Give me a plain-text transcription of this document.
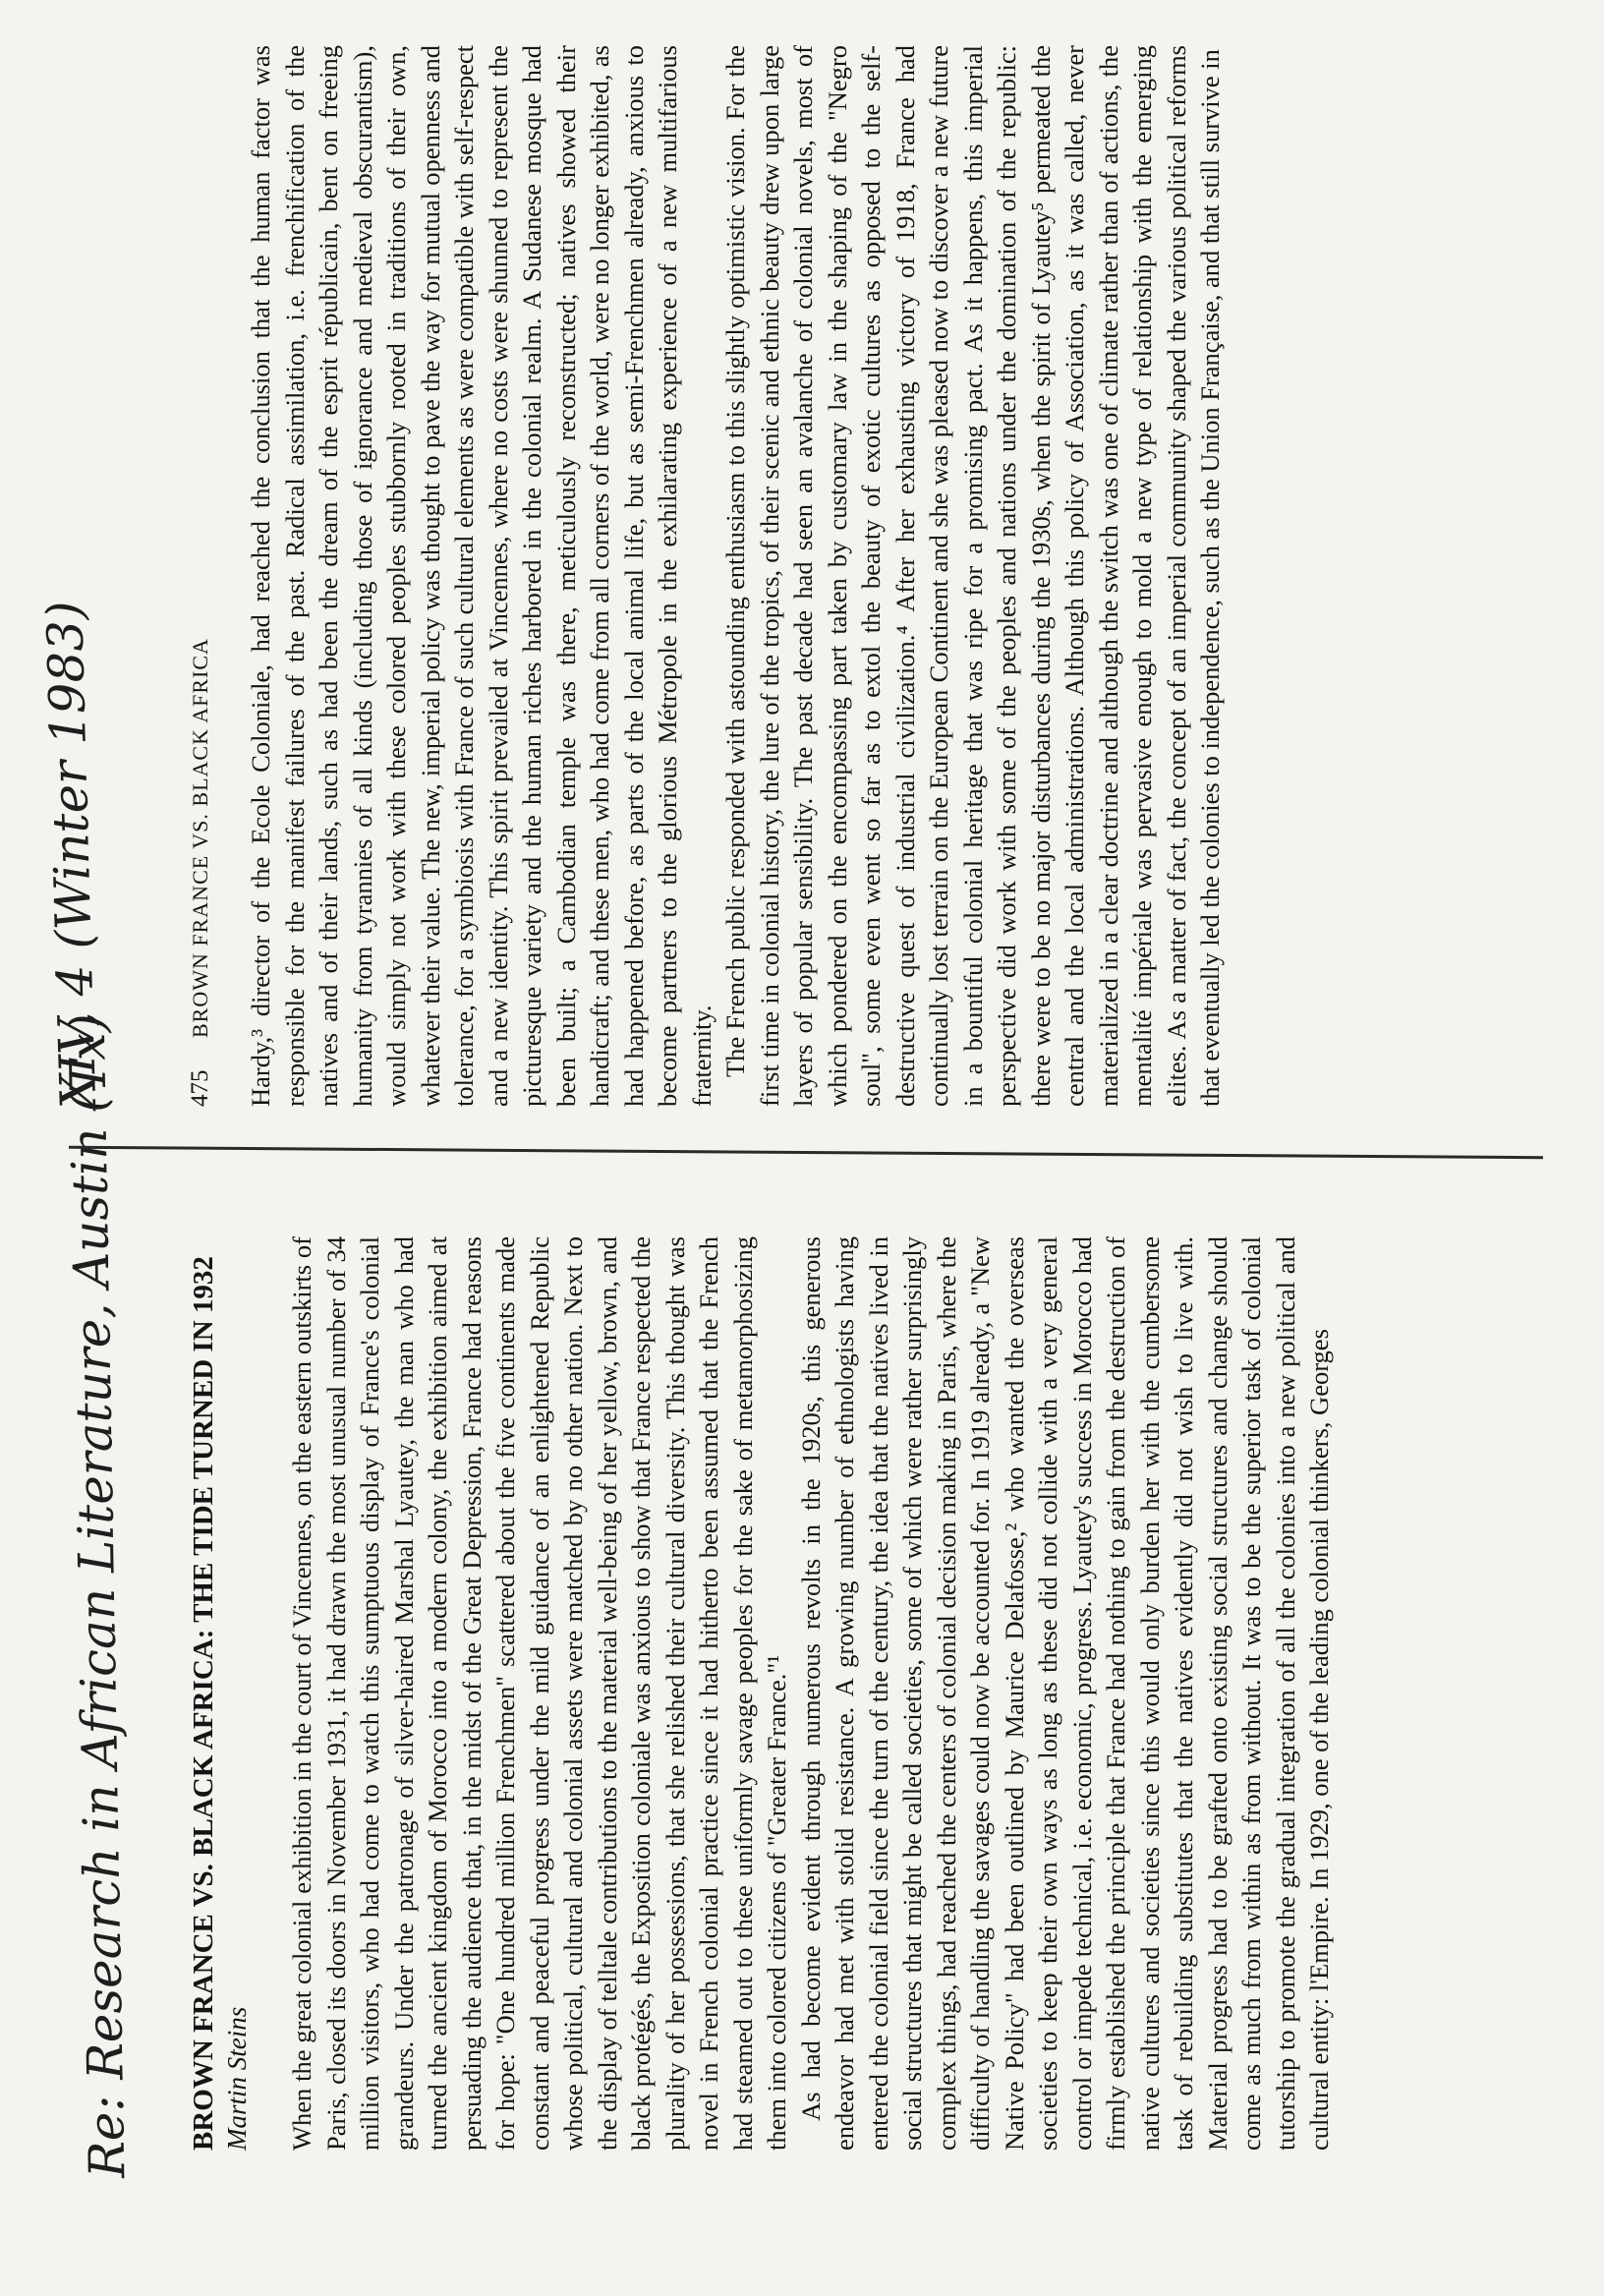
Re: Research in African Literature, Austin (Tx) BROWN FRANCE VS. BLACK AFRICA: THE TIDE TURNED IN 1932 Martin Steins When the great colonial exhibition in the court of Vincennes, on the eastern outskirts of Paris, closed its doors in November 1931, it had drawn the most unusual number of 34 million visitors, who had come to watch this sumptuous display of France's colonial grandeurs. Under the patronage of silver-haired Marshal Lyautey, the man who had turned the ancient kingdom of Morocco into a modern colony, the exhibition aimed at persuading the audience that, in the midst of the Great Depression, France had reasons for hope: "One hundred million Frenchmen" scattered about the five continents made constant and peaceful progress under the mild guidance of an enlightened Republic whose political, cultural and colonial assets were matched by no other nation. Next to the display of telltale contributions to the material well-being of her yellow, brown, and black protégés, the Exposition coloniale was anxious to show that France respected the plurality of her possessions, that she relished their cultural diversity. This thought was novel in French colonial practice since it had hitherto been assumed that the French had steamed out to these uniformly savage peoples for the sake of metamorphosizing them into colored citizens of "Greater France."¹ As had become evident through numerous revolts in the 1920s, this generous endeavor had met with stolid resistance. A growing number of ethnologists having entered the colonial field since the turn of the century, the idea that the natives lived in social structures that might be called societies, some of which were rather surprisingly complex things, had reached the centers of colonial decision making in Paris, where the difficulty of handling the savages could now be accounted for. In 1919 already, a "New Native Policy" had been outlined by Maurice Delafosse,² who wanted the overseas societies to keep their own ways as long as these did not collide with a very general control or impede technical, i.e. economic, progress. Lyautey's success in Morocco had firmly established the principle that France had nothing to gain from the destruction of native cultures and societies since this would only burden her with the cumbersome task of rebuilding substitutes that the natives evidently did not wish to live with. Material progress had to be grafted onto existing social structures and change should come as much from within as from without. It was to be the superior task of colonial tutorship to promote the gradual integration of all the colonies into a new political and cultural entity: l'Empire. In 1929, one of the leading colonial thinkers, Georges

XIV, 4 (Winter 1983)	475 BROWN FRANCE VS. BLACK AFRICA Hardy,³ director of the Ecole Coloniale, had reached the conclusion that the human factor was responsible for the manifest failures of the past. Radical assimilation, i.e. frenchification of the natives and of their lands, such as had been the dream of the esprit républicain, bent on freeing humanity from tyrannies of all kinds (including those of ignorance and medieval obscurantism), would simply not work with these colored peoples stubbornly rooted in traditions of their own, whatever their value. The new, imperial policy was thought to pave the way for mutual openness and tolerance, for a symbiosis with France of such cultural elements as were compatible with self-respect and a new identity. This spirit prevailed at Vincennes, where no costs were shunned to represent the picturesque variety and the human riches harbored in the colonial realm. A Sudanese mosque had been built; a Cambodian temple was there, meticulously reconstructed; natives showed their handicraft; and these men, who had come from all corners of the world, were no longer exhibited, as had happened before, as parts of the local animal life, but as semi-Frenchmen already, anxious to become partners to the glorious Métropole in the exhilarating experience of a new multifarious fraternity. The French public responded with astounding enthusiasm to this slightly optimistic vision. For the first time in colonial history, the lure of the tropics, of their scenic and ethnic beauty drew upon large layers of popular sensibility. The past decade had seen an avalanche of colonial novels, most of which pondered on the encompassing part taken by customary law in the shaping of the "Negro soul", some even went so far as to extol the beauty of exotic cultures as opposed to the self-destructive quest of industrial civilization.⁴ After her exhausting victory of 1918, France had continually lost terrain on the European Continent and she was pleased now to discover a new future in a bountiful colonial heritage that was ripe for a promising pact. As it happens, this imperial perspective did work with some of the peoples and nations under the domination of the republic: there were to be no major disturbances during the 1930s, when the spirit of Lyautey⁵ permeated the central and the local administrations. Although this policy of Association, as it was called, never materialized in a clear doctrine and although the switch was one of climate rather than of actions, the mentalité impériale was pervasive enough to mold a new type of relationship with the emerging elites. As a matter of fact, the concept of an imperial community shaped the various political reforms that eventually led the colonies to independence, such as the Union Française, and that still survive in
